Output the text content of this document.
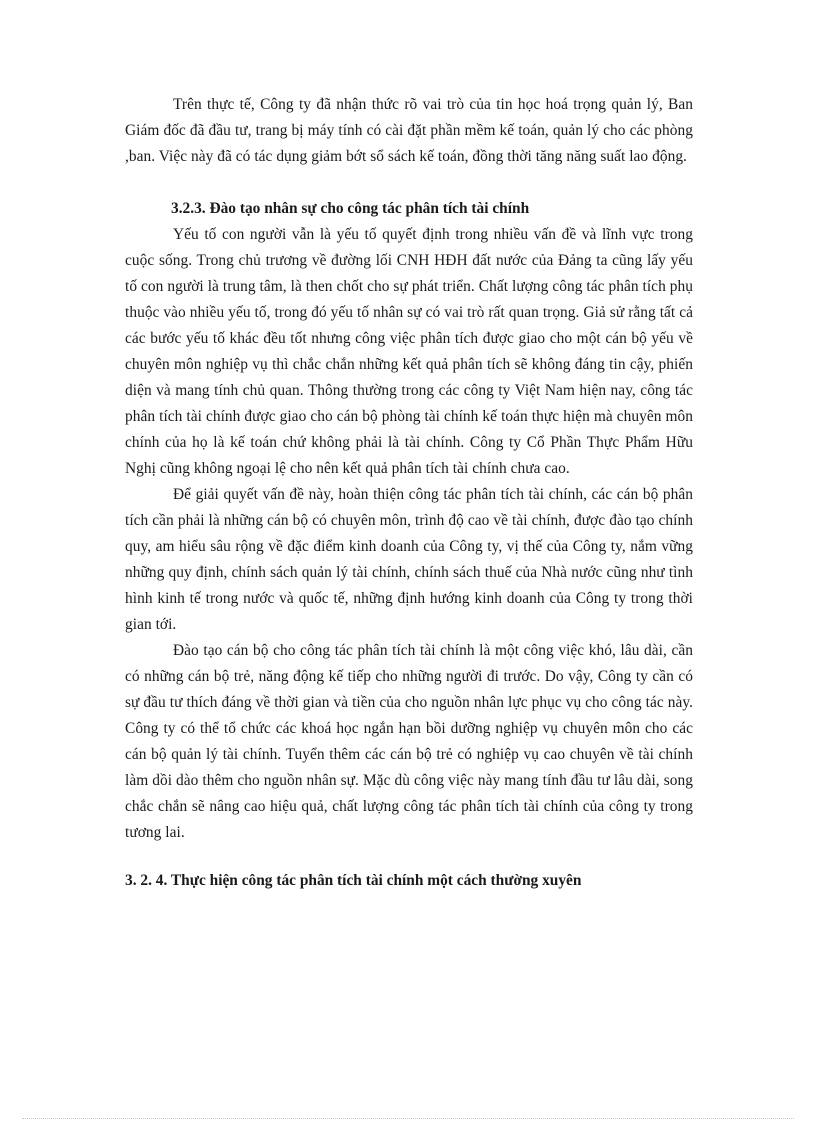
Trên thực tế, Công ty đã nhận thức rõ vai trò của tin học hoá trọng quản lý, Ban Giám đốc đã đầu tư, trang bị máy tính có cài đặt phần mềm kế toán, quản lý cho các phòng ,ban. Việc này đã có tác dụng giảm bớt sổ sách kế toán, đồng thời tăng năng suất lao động.

3.2.3. Đào tạo nhân sự cho công tác phân tích tài chính

Yếu tố con người vẫn là yếu tố quyết định trong nhiều vấn đề và lĩnh vực trong cuộc sống. Trong chủ trương về đường lối CNH HĐH đất nước của Đảng ta cũng lấy yếu tố con người là trung tâm, là then chốt cho sự phát triển. Chất lượng công tác phân tích phụ thuộc vào nhiều yếu tố, trong đó yếu tố nhân sự có vai trò rất quan trọng. Giả sử rằng tất cả các bước yếu tố khác đều tốt nhưng công việc phân tích được giao cho một cán bộ yếu về chuyên môn nghiệp vụ thì chắc chắn những kết quả phân tích sẽ không đáng tin cậy, phiến diện và mang tính chủ quan. Thông thường trong các công ty Việt Nam hiện nay, công tác phân tích tài chính được giao cho cán bộ phòng tài chính kế toán thực hiện mà chuyên môn chính của họ là kế toán chứ không phải là tài chính. Công ty Cổ Phần Thực Phẩm Hữu Nghị cũng không ngoại lệ cho nên kết quả phân tích tài chính chưa cao.

Để giải quyết vấn đề này, hoàn thiện công tác phân tích tài chính, các cán bộ phân tích cần phải là những cán bộ có chuyên môn, trình độ cao về tài chính, được đào tạo chính quy, am hiểu sâu rộng về đặc điểm kinh doanh của Công ty, vị thế của Công ty, nắm vững những quy định, chính sách quản lý tài chính, chính sách thuế của Nhà nước cũng như tình hình kinh tế trong nước và quốc tế, những định hướng kinh doanh của Công ty trong thời gian tới.

Đào tạo cán bộ cho công tác phân tích tài chính là một công việc khó, lâu dài, cần có những cán bộ trẻ, năng động kế tiếp cho những người đi trước. Do vậy, Công ty cần có sự đầu tư thích đáng về thời gian và tiền của cho nguồn nhân lực phục vụ cho công tác này. Công ty có thể tổ chức các khoá học ngắn hạn bồi dưỡng nghiệp vụ chuyên môn cho các cán bộ quản lý tài chính. Tuyển thêm các cán bộ trẻ có nghiệp vụ cao chuyên về tài chính làm dồi dào thêm cho nguồn nhân sự. Mặc dù công việc này mang tính đầu tư lâu dài, song chắc chắn sẽ nâng cao hiệu quả, chất lượng công tác phân tích tài chính của công ty trong tương lai.

3. 2. 4. Thực hiện công tác phân tích tài chính một cách thường xuyên
